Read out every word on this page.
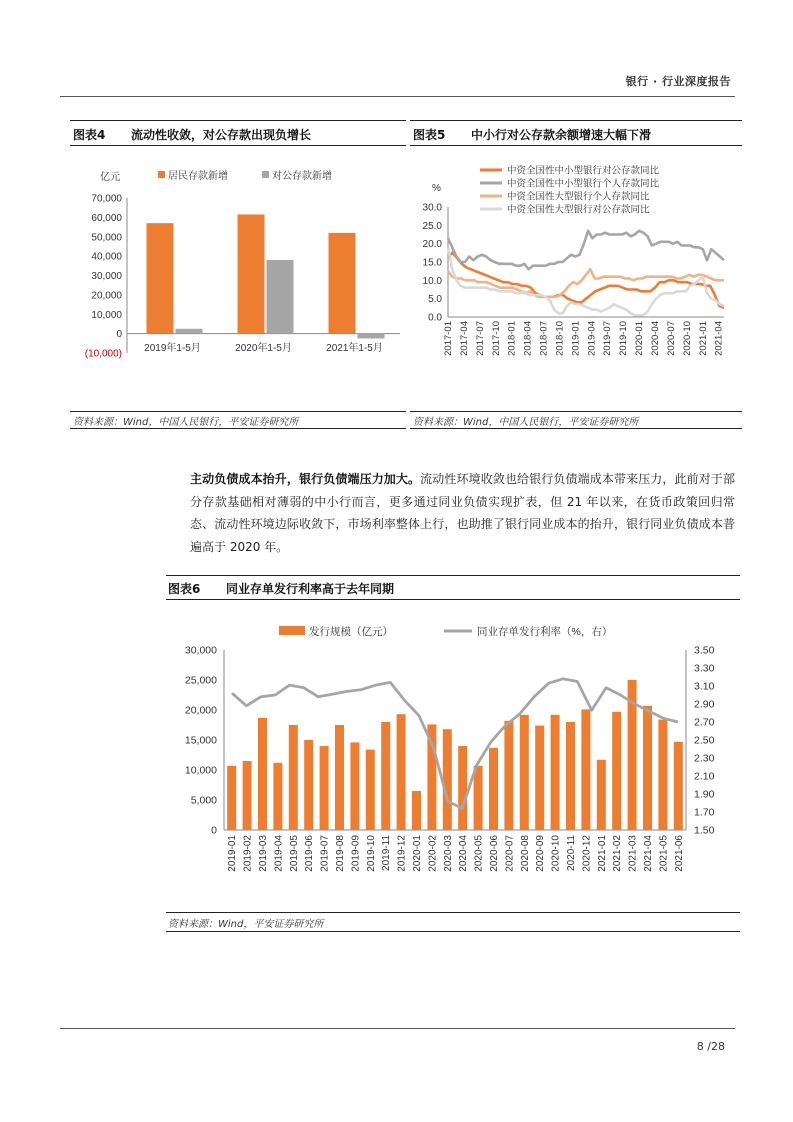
银行 · 行业深度报告
图表4 流动性收敛，对公存款出现负增长	图表5 中小行对公存款余额增速大幅下滑
亿元	居民存款新增	对公存款新增
70,000
60,000
50,000
40,000
30,000
20,000
10,000
0
(10,000) 2019年1-5月	2020年1-5月	2021年1-5月
%
中资全国性中小型银行对公存款同比
中资全国性中小型银行个人存款同比
中资全国性大型银行个人存款同比
中资全国性大型银行对公存款同比
30.0
25.0
20.0
15.0
10.0
5.0
0.0
2017-01 2017-04 2017-07 2017-10 2018-01 2018-04 2018-07 2018-10 2019-01 2019-04 2019-07 2019-10 2020-01 2020-04 2020-07 2020-10 2021-01 2021-04
资料来源：Wind，中国人民银行，平安证券研究所	资料来源：Wind，中国人民银行，平安证券研究所
主动负债成本抬升，银行负债端压力加大。流动性环境收敛也给银行负债端成本带来压力，此前对于部分存款基础相对薄弱的中小行而言，更多通过同业负债实现扩表，但 21 年以来，在货币政策回归常态、流动性环境边际收敛下，市场利率整体上行，也助推了银行同业成本的抬升，银行同业负债成本普遍高于 2020 年。
图表6 同业存单发行利率高于去年同期
发行规模（亿元）	同业存单发行利率（%，右）
30,000
25,000
20,000
15,000
10,000
5,000
0
3.50
3.30
3.10
2.90
2.70
2.50
2.30
2.10
1.90
1.70
1.50
2019-01 2019-02 2019-03 2019-04 2019-05 2019-06 2019-07 2019-08 2019-09 2019-10 2019-11 2019-12 2020-01 2020-02 2020-03 2020-04 2020-05 2020-06 2020-07 2020-08 2020-09 2020-10 2020-11 2020-12 2021-01 2021-02 2021-03 2021-04 2021-05 2021-06
资料来源：Wind，平安证券研究所
8 /28
